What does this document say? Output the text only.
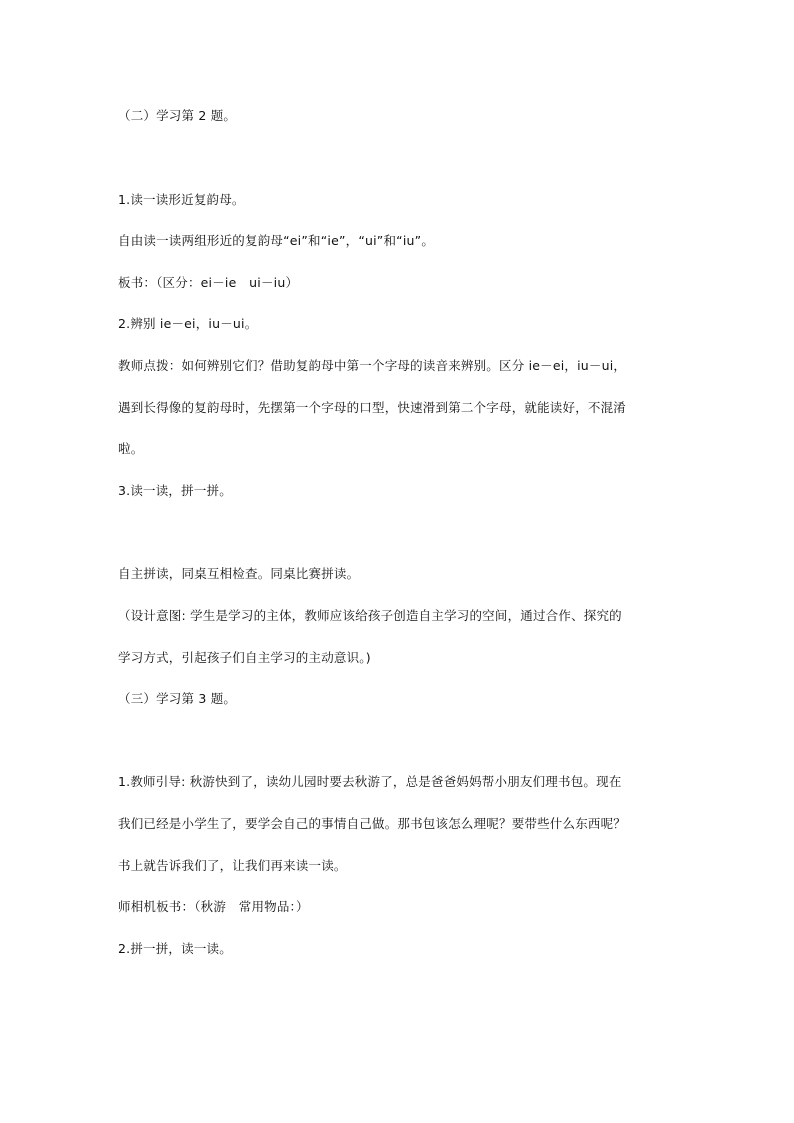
（二）学习第 2 题。
1.读一读形近复韵母。
自由读一读两组形近的复韵母“ei”和“ie”，“ui”和“iu”。
板书：（区分：ei－ie　ui－iu）
2.辨别 ie－ei，iu－ui。
教师点拨：如何辨别它们？借助复韵母中第一个字母的读音来辨别。区分 ie－ei，iu－ui，
遇到长得像的复韵母时，先摆第一个字母的口型，快速滑到第二个字母，就能读好，不混淆
啦。
3.读一读，拼一拼。
自主拼读，同桌互相检查。同桌比赛拼读。
（设计意图: 学生是学习的主体，教师应该给孩子创造自主学习的空间，通过合作、探究的
学习方式，引起孩子们自主学习的主动意识。)
（三）学习第 3 题。
1.教师引导: 秋游快到了，读幼儿园时要去秋游了，总是爸爸妈妈帮小朋友们理书包。现在
我们已经是小学生了，要学会自己的事情自己做。那书包该怎么理呢？要带些什么东西呢？
书上就告诉我们了，让我们再来读一读。
师相机板书：（秋游　常用物品：）
2.拼一拼，读一读。
